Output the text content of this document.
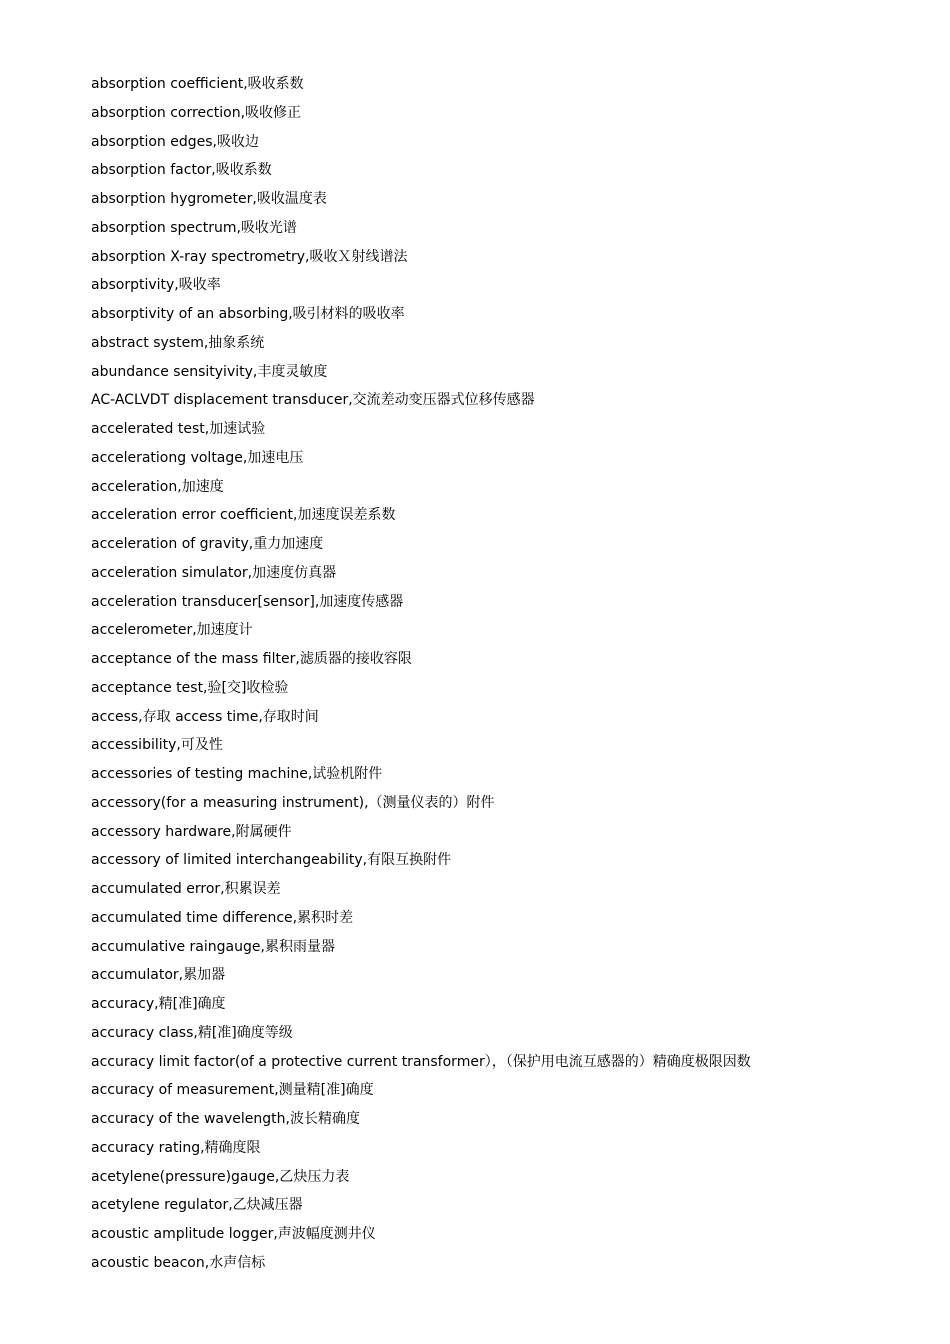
absorption coefficient,吸收系数
absorption correction,吸收修正
absorption edges,吸收边
absorption factor,吸收系数
absorption hygrometer,吸收温度表
absorption spectrum,吸收光谱
absorption X-ray spectrometry,吸收Ｘ射线谱法
absorptivity,吸收率
absorptivity of an absorbing,吸引材料的吸收率
abstract system,抽象系统
abundance sensityivity,丰度灵敏度
AC-ACLVDT displacement transducer,交流差动变压器式位移传感器
accelerated test,加速试验
accelerationg voltage,加速电压
acceleration,加速度
acceleration error coefficient,加速度误差系数
acceleration of gravity,重力加速度
acceleration simulator,加速度仿真器
acceleration transducer[sensor],加速度传感器
accelerometer,加速度计
acceptance of the mass filter,滤质器的接收容限
acceptance test,验[交]收检验
access,存取 access time,存取时间
accessibility,可及性
accessories of testing machine,试验机附件
accessory(for a measuring instrument),（测量仪表的）附件
accessory hardware,附属硬件
accessory of limited interchangeability,有限互换附件
accumulated error,积累误差
accumulated time difference,累积时差
accumulative raingauge,累积雨量器
accumulator,累加器
accuracy,精[准]确度
accuracy class,精[准]确度等级
accuracy limit factor(of a protective current transformer），（保护用电流互感器的）精确度极限因数
accuracy of measurement,测量精[准]确度
accuracy of the wavelength,波长精确度
accuracy rating,精确度限
acetylene(pressure)gauge,乙炔压力表
acetylene regulator,乙炔减压器
acoustic amplitude logger,声波幅度测井仪
acoustic beacon,水声信标
